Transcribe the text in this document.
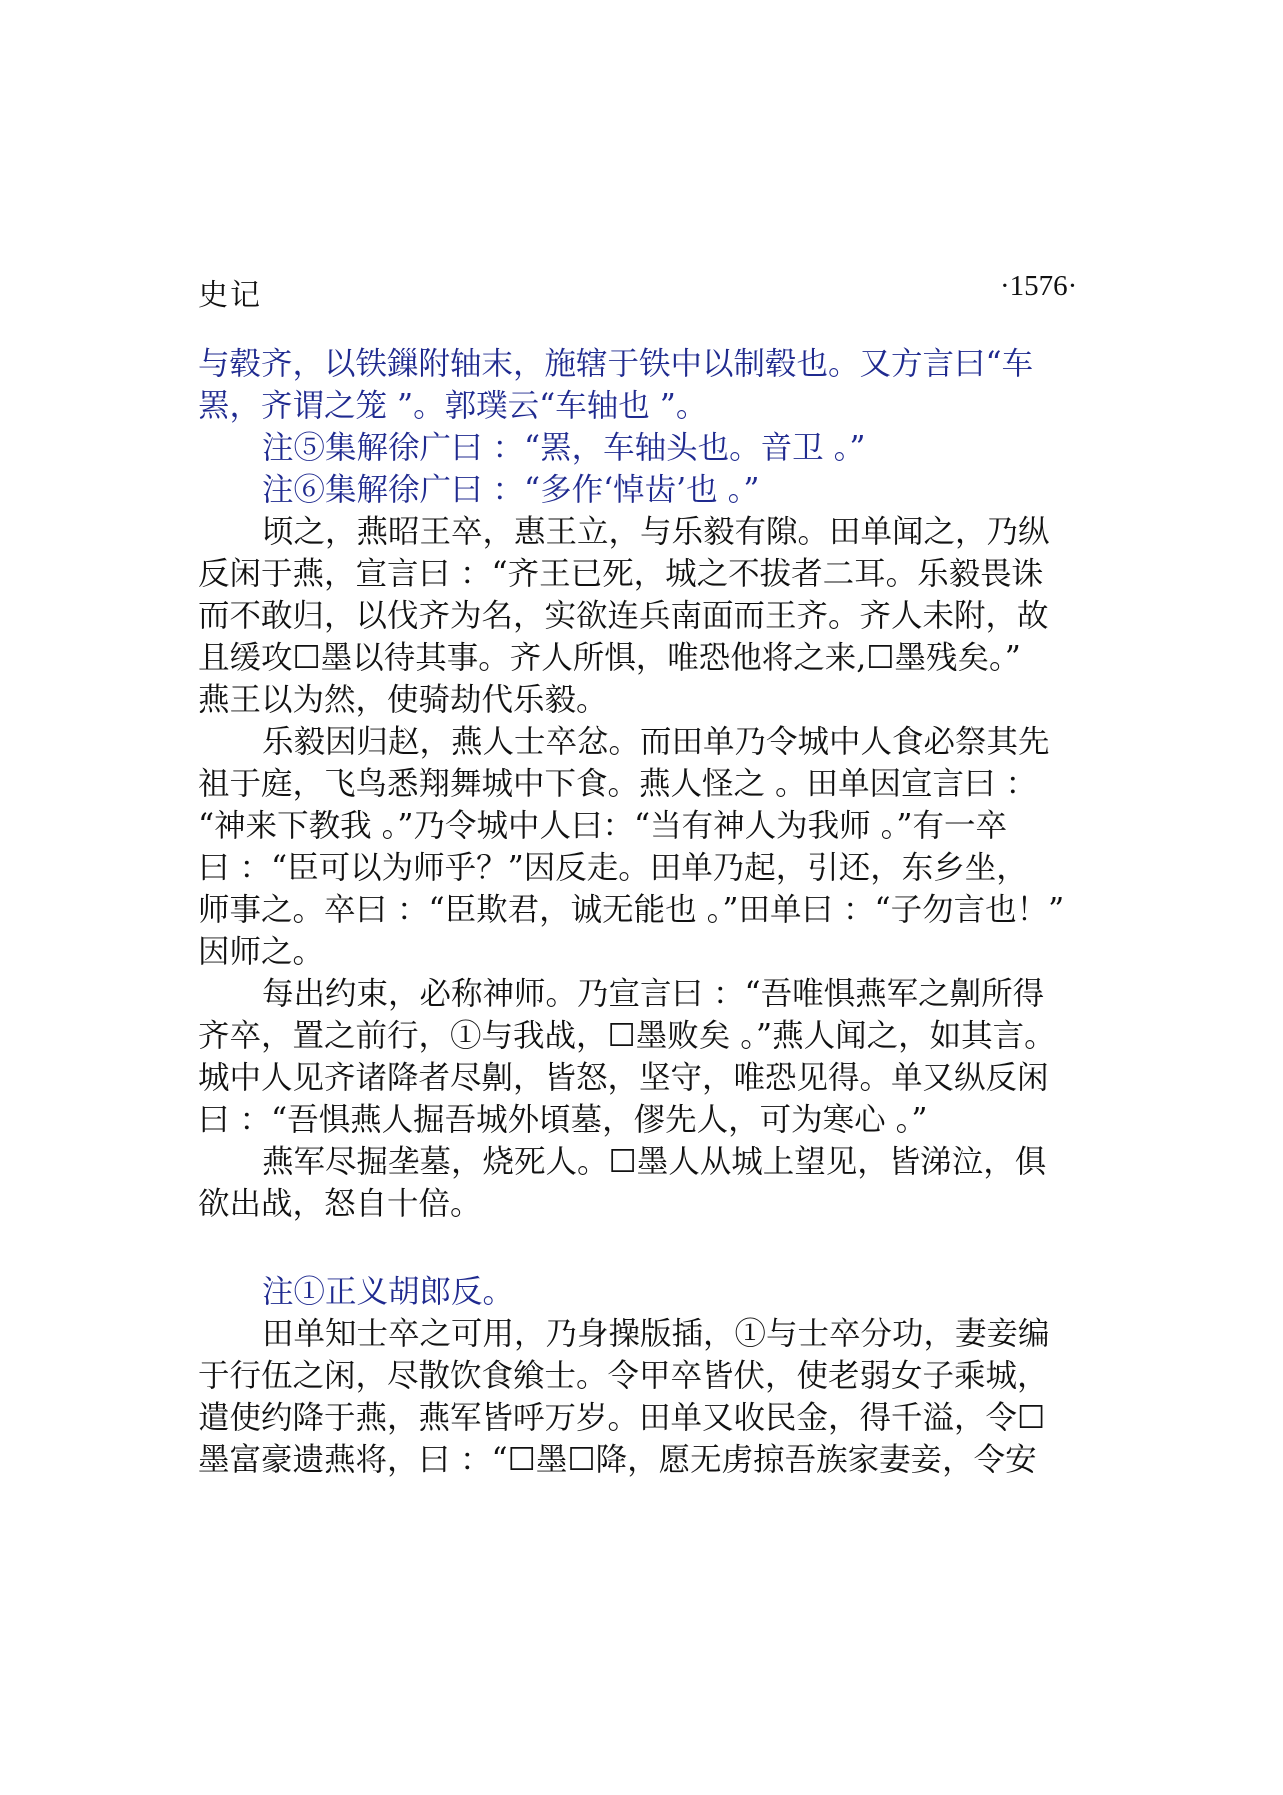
史记	·1576·
与毂齐，以铁鏁附轴末，施辖于铁中以制毂也。又方言曰“车
罴，齐谓之笼 ”。郭璞云“车轴也 ”。
注⑤集解徐广曰 ：“罴，车轴头也。音卫 。”
注⑥集解徐广曰 ：“多作‘悼齿’也 。”
顷之，燕昭王卒，惠王立，与乐毅有隙。田单闻之，乃纵
反闲于燕，宣言曰 ：“齐王已死，城之不拔者二耳。乐毅畏诛
而不敢归，以伐齐为名，实欲连兵南面而王齐。齐人未附，故
且缓攻☐墨以待其事。齐人所惧，唯恐他将之来,☐墨残矣。”
燕王以为然，使骑劫代乐毅。
乐毅因归赵，燕人士卒忿。而田单乃令城中人食必祭其先
祖于庭，飞鸟悉翔舞城中下食。燕人怪之 。田单因宣言曰 ：
“神来下教我 。”乃令城中人曰：“当有神人为我师 。”有一卒
曰 ：“臣可以为师乎？”因反走。田单乃起，引还，东乡坐，
师事之。卒曰 ：“臣欺君，诚无能也 。”田单曰 ：“子勿言也！”
因师之。
每出约束，必称神师。乃宣言曰 ：“吾唯惧燕军之劓所得
齐卒，置之前行，①与我战，☐墨败矣 。”燕人闻之，如其言。
城中人见齐诸降者尽劓，皆怒，坚守，唯恐见得。单又纵反闲
曰 ：“吾惧燕人掘吾城外頃墓，僇先人，可为寒心 。”
燕军尽掘垄墓，烧死人。☐墨人从城上望见，皆涕泣，俱
欲出战，怒自十倍。
注①正义胡郎反。
田单知士卒之可用，乃身操版插，①与士卒分功，妻妾编
于行伍之闲，尽散饮食飨士。令甲卒皆伏，使老弱女子乘城，
遣使约降于燕，燕军皆呼万岁。田单又收民金，得千溢，令☐
墨富豪遗燕将，曰 ：“☐墨☐降，愿无虏掠吾族家妻妾，令安
